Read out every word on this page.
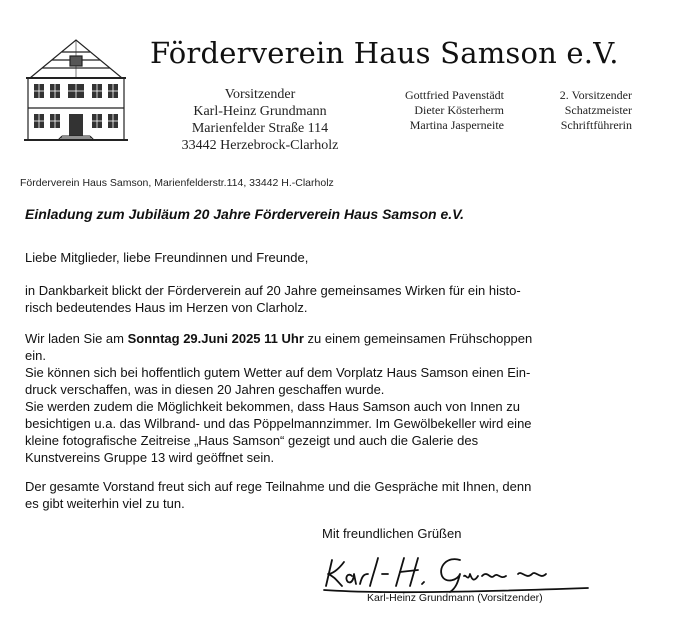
Förderverein Haus Samson e.V.
Vorsitzender
Karl-Heinz Grundmann
Marienfelder Straße 114
33442 Herzebrock-Clarholz
Gottfried Pavenstädt
Dieter Kösterherm
Martina Jasperneite
2. Vorsitzender
Schatzmeister
Schriftführerin
Förderverein Haus Samson, Marienfelderstr.114, 33442 H.-Clarholz
Einladung zum Jubiläum 20 Jahre Förderverein Haus Samson e.V.
Liebe Mitglieder, liebe Freundinnen und Freunde,
in Dankbarkeit blickt der Förderverein auf 20 Jahre gemeinsames Wirken für ein histo-
risch bedeutendes Haus im Herzen von Clarholz.
Wir laden Sie am Sonntag 29.Juni 2025 11 Uhr zu einem gemeinsamen Frühschoppen
ein.
Sie können sich bei hoffentlich gutem Wetter auf dem Vorplatz Haus Samson einen Ein-
druck verschaffen, was in diesen 20 Jahren geschaffen wurde.
Sie werden zudem die Möglichkeit bekommen, dass Haus Samson auch von Innen zu
besichtigen u.a. das Wilbrand- und das Pöppelmannzimmer. Im Gewölbekeller wird eine
kleine fotografische Zeitreise „Haus Samson“ gezeigt und auch die Galerie des
Kunstvereins Gruppe 13 wird geöffnet sein.
Der gesamte Vorstand freut sich auf rege Teilnahme und die Gespräche mit Ihnen, denn
es gibt weiterhin viel zu tun.
Mit freundlichen Grüßen
Karl-Heinz Grundmann (Vorsitzender)
